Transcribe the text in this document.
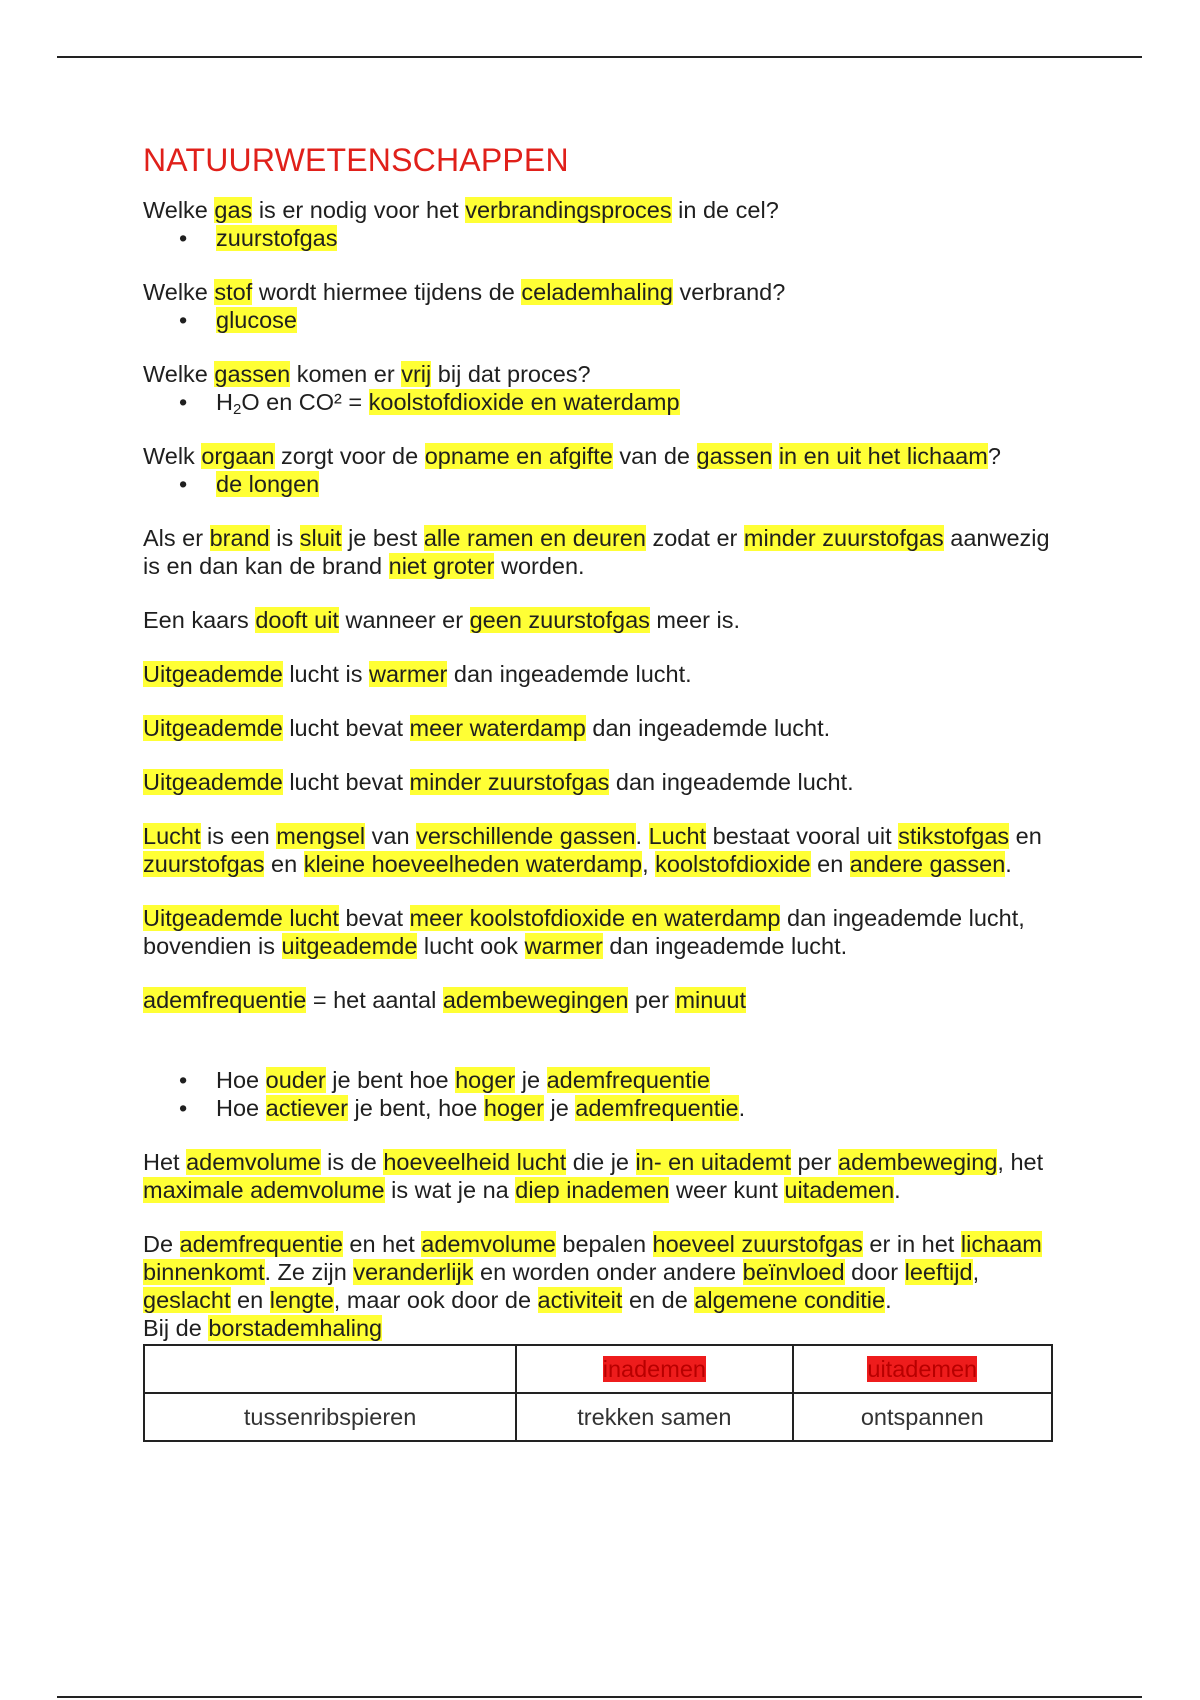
NATUURWETENSCHAPPEN

Welke gas is er nodig voor het verbrandingsproces in de cel?

• zuurstofgas

Welke stof wordt hiermee tijdens de celademhaling verbrand?

• glucose

Welke gassen komen er vrij bij dat proces?

• $H_2O$ en CO² = koolstofdioxide en waterdamp

Welk orgaan zorgt voor de opname en afgifte van de gassen in en uit het lichaam?

• de longen

Als er brand is sluit je best alle ramen en deuren zodat er minder zuurstofgas aanwezig is en dan kan de brand niet groter worden.

Een kaars dooft uit wanneer er geen zuurstofgas meer is.

Uitgeademde lucht is warmer dan ingeademde lucht.

Uitgeademde lucht bevat meer waterdamp dan ingeademde lucht.

Uitgeademde lucht bevat minder zuurstofgas dan ingeademde lucht.

Lucht is een mengsel van verschillende gassen. Lucht bestaat vooral uit stikstofgas en zuurstofgas en kleine hoeveelheden waterdamp, koolstofdioxide en andere gassen.

Uitgeademde lucht bevat meer koolstofdioxide en waterdamp dan ingeademde lucht, bovendien is uitgeademde lucht ook warmer dan ingeademde lucht.

ademfrequentie = het aantal adembewegingen per minuut

• Hoe ouder je bent hoe hoger je ademfrequentie
• Hoe actiever je bent, hoe hoger je ademfrequentie.

Het ademvolume is de hoeveelheid lucht die je in- en uitademt per adembeweging, het maximale ademvolume is wat je na diep inademen weer kunt uitademen.

De ademfrequentie en het ademvolume bepalen hoeveel zuurstofgas er in het lichaam binnenkomt. Ze zijn veranderlijk en worden onder andere beïnvloed door leeftijd, geslacht en lengte, maar ook door de activiteit en de algemene conditie.

Bij de borstademhaling

	inademen	uitademen
tussenribspieren	trekken samen	ontspannen
